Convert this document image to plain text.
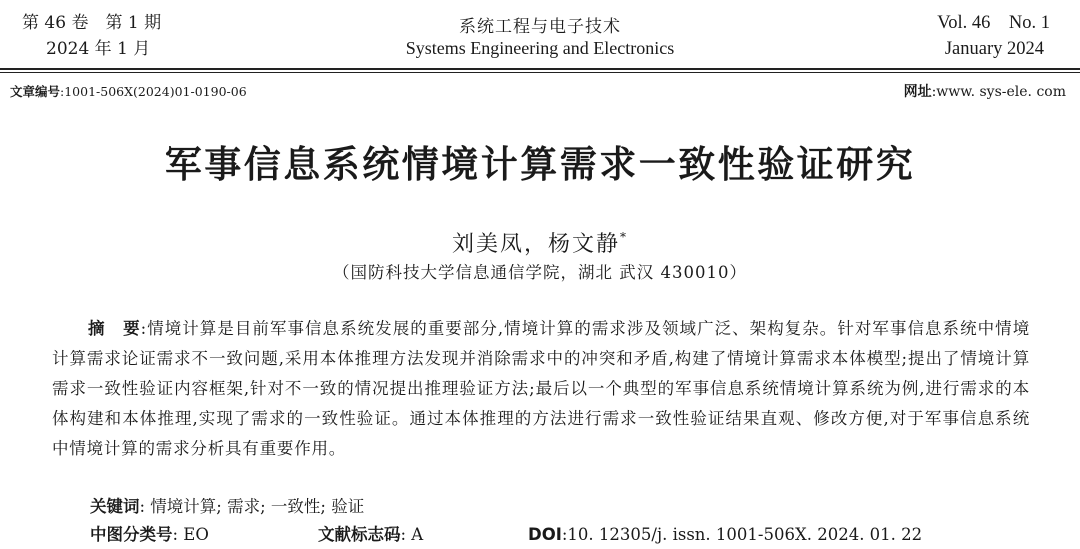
第 46 卷　第 1 期
2024 年 1 月
系统工程与电子技术
Systems Engineering and Electronics
Vol. 46　No. 1
January 2024
文章编号:1001-506X(2024)01-0190-06	网址:www. sys-ele. com
军事信息系统情境计算需求一致性验证研究
刘美凤，杨文静*
（国防科技大学信息通信学院，湖北 武汉 430010）
摘　要:情境计算是目前军事信息系统发展的重要部分,情境计算的需求涉及领域广泛、架构复杂。针对军事信息系统中情境计算需求论证需求不一致问题,采用本体推理方法发现并消除需求中的冲突和矛盾,构建了情境计算需求本体模型;提出了情境计算需求一致性验证内容框架,针对不一致的情况提出推理验证方法;最后以一个典型的军事信息系统情境计算系统为例,进行需求的本体构建和本体推理,实现了需求的一致性验证。通过本体推理的方法进行需求一致性验证结果直观、修改方便,对于军事信息系统中情境计算的需求分析具有重要作用。
关键词: 情境计算; 需求; 一致性; 验证
中图分类号: EO	文献标志码: A	DOI:10. 12305/j. issn. 1001-506X. 2024. 01. 22
